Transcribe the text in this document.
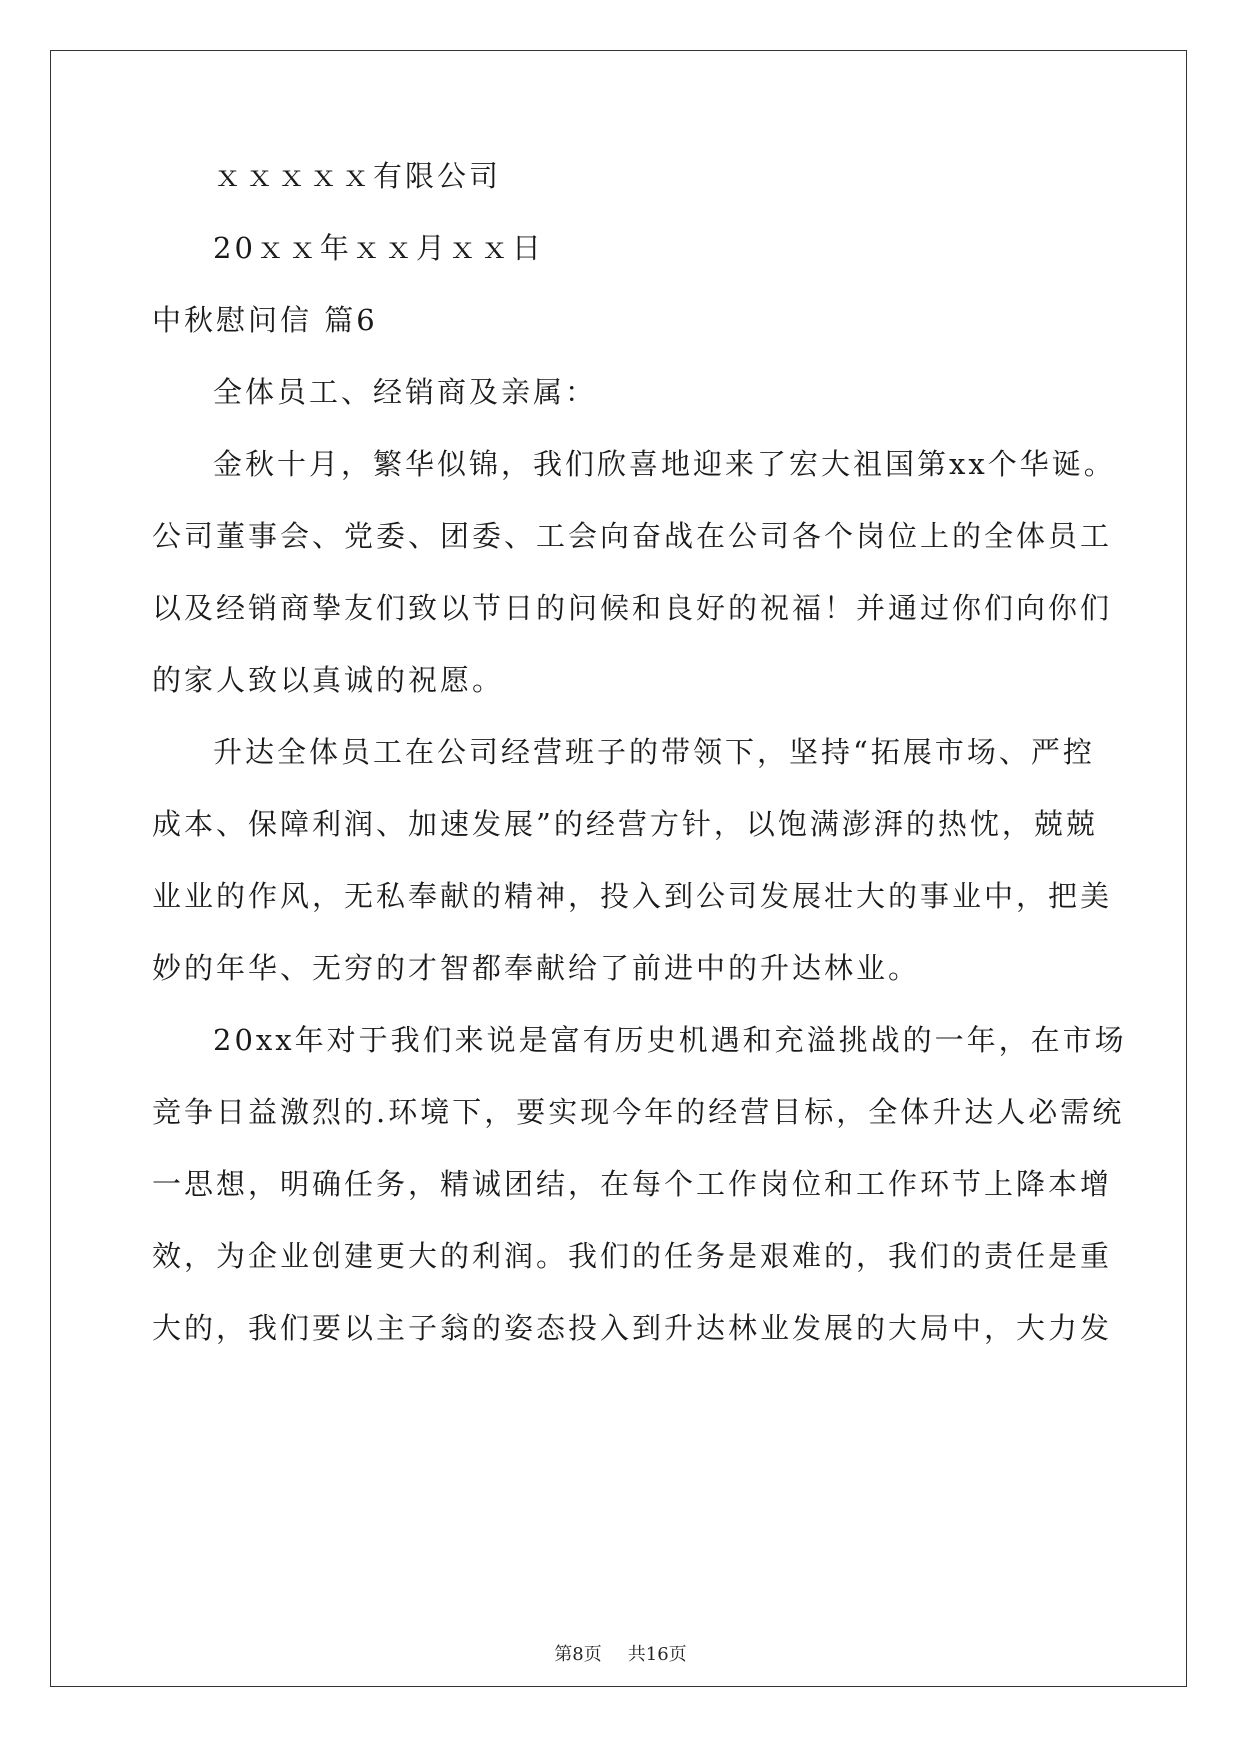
ｘｘｘｘｘ有限公司
20ｘｘ年ｘｘ月ｘｘ日
中秋慰问信 篇6
全体员工、经销商及亲属：
金秋十月，繁华似锦，我们欣喜地迎来了宏大祖国第xx个华诞。
公司董事会、党委、团委、工会向奋战在公司各个岗位上的全体员工
以及经销商挚友们致以节日的问候和良好的祝福！并通过你们向你们
的家人致以真诚的祝愿。
升达全体员工在公司经营班子的带领下，坚持“拓展市场、严控
成本、保障利润、加速发展”的经营方针，以饱满澎湃的热忱，兢兢
业业的作风，无私奉献的精神，投入到公司发展壮大的事业中，把美
妙的年华、无穷的才智都奉献给了前进中的升达林业。
20xx年对于我们来说是富有历史机遇和充溢挑战的一年，在市场
竞争日益激烈的.环境下，要实现今年的经营目标，全体升达人必需统
一思想，明确任务，精诚团结，在每个工作岗位和工作环节上降本增
效，为企业创建更大的利润。我们的任务是艰难的，我们的责任是重
大的，我们要以主子翁的姿态投入到升达林业发展的大局中，大力发
第8页 共16页
